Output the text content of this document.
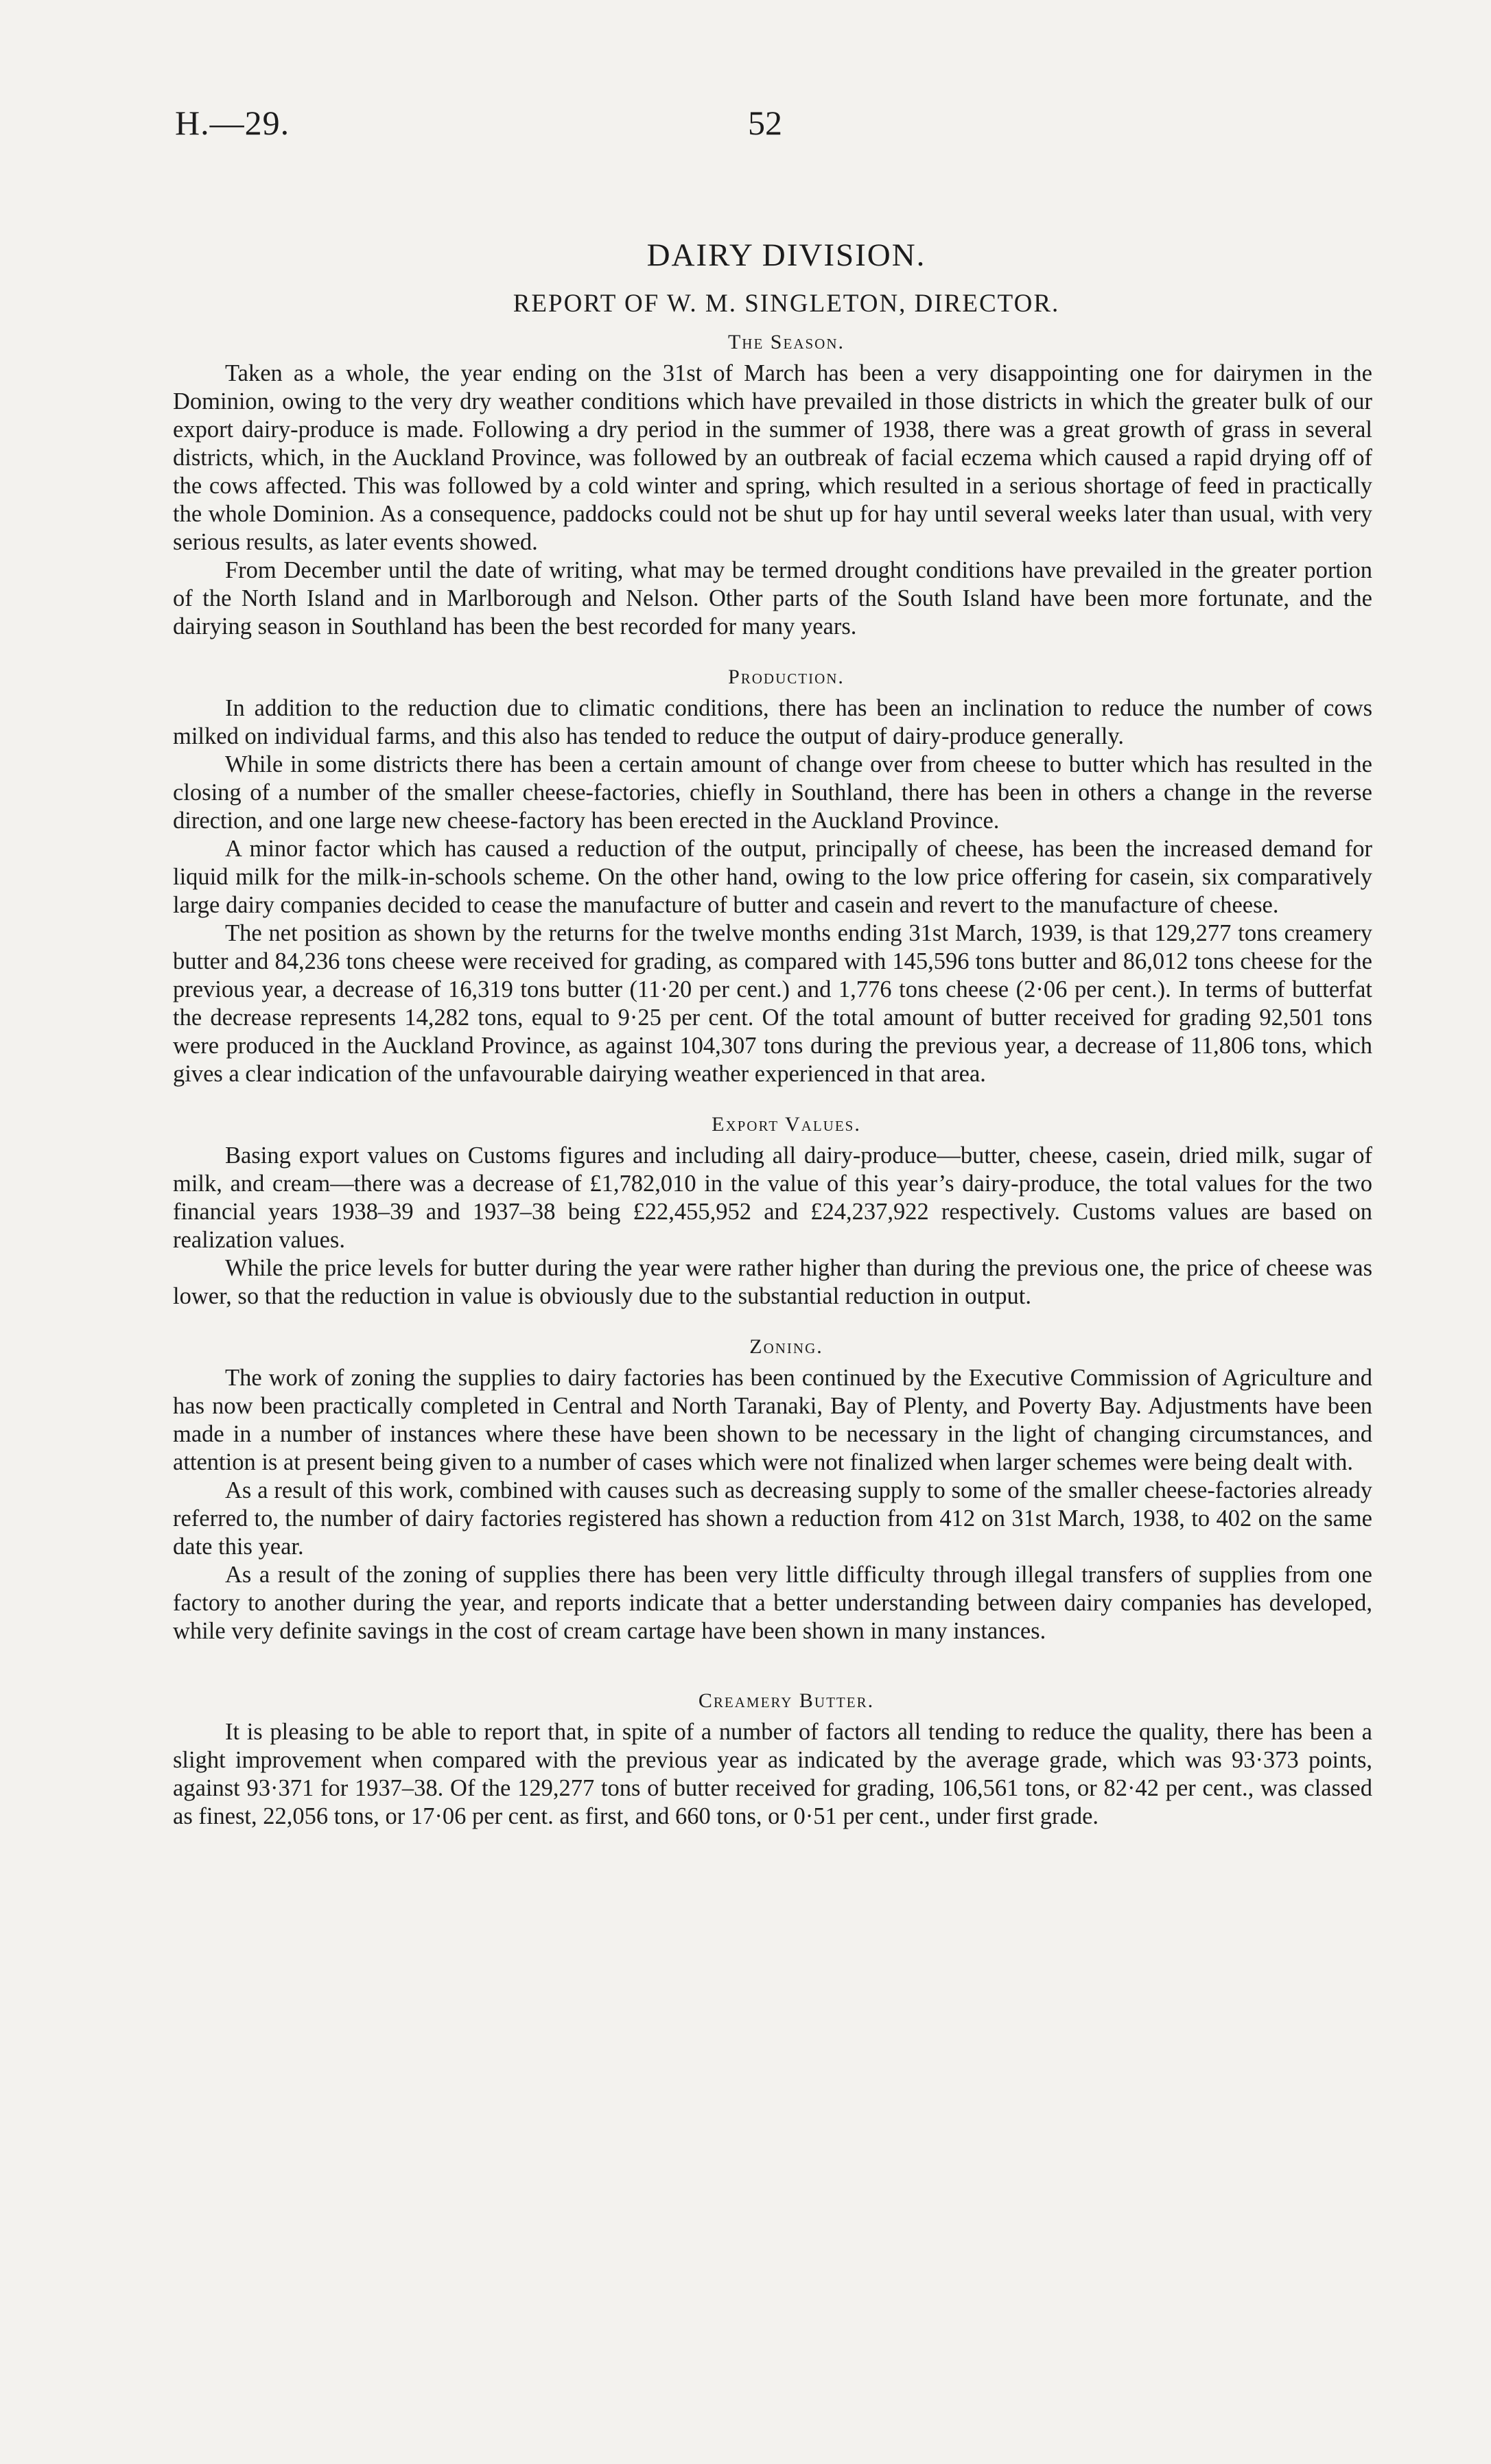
H.—29.	52
DAIRY DIVISION.
REPORT OF W. M. SINGLETON, DIRECTOR.
The Season.

Taken as a whole, the year ending on the 31st of March has been a very disappointing one for dairymen in the Dominion, owing to the very dry weather conditions which have prevailed in those districts in which the greater bulk of our export dairy-produce is made. Following a dry period in the summer of 1938, there was a great growth of grass in several districts, which, in the Auckland Province, was followed by an outbreak of facial eczema which caused a rapid drying off of the cows affected. This was followed by a cold winter and spring, which resulted in a serious shortage of feed in practically the whole Dominion. As a consequence, paddocks could not be shut up for hay until several weeks later than usual, with very serious results, as later events showed.

From December until the date of writing, what may be termed drought conditions have prevailed in the greater portion of the North Island and in Marlborough and Nelson. Other parts of the South Island have been more fortunate, and the dairying season in Southland has been the best recorded for many years.

Production.

In addition to the reduction due to climatic conditions, there has been an inclination to reduce the number of cows milked on individual farms, and this also has tended to reduce the output of dairy-produce generally.

While in some districts there has been a certain amount of change over from cheese to butter which has resulted in the closing of a number of the smaller cheese-factories, chiefly in Southland, there has been in others a change in the reverse direction, and one large new cheese-factory has been erected in the Auckland Province.

A minor factor which has caused a reduction of the output, principally of cheese, has been the increased demand for liquid milk for the milk-in-schools scheme. On the other hand, owing to the low price offering for casein, six comparatively large dairy companies decided to cease the manufacture of butter and casein and revert to the manufacture of cheese.

The net position as shown by the returns for the twelve months ending 31st March, 1939, is that 129,277 tons creamery butter and 84,236 tons cheese were received for grading, as compared with 145,596 tons butter and 86,012 tons cheese for the previous year, a decrease of 16,319 tons butter (11·20 per cent.) and 1,776 tons cheese (2·06 per cent.). In terms of butterfat the decrease represents 14,282 tons, equal to 9·25 per cent. Of the total amount of butter received for grading 92,501 tons were produced in the Auckland Province, as against 104,307 tons during the previous year, a decrease of 11,806 tons, which gives a clear indication of the unfavourable dairying weather experienced in that area.

Export Values.

Basing export values on Customs figures and including all dairy-produce—butter, cheese, casein, dried milk, sugar of milk, and cream—there was a decrease of £1,782,010 in the value of this year’s dairy-produce, the total values for the two financial years 1938–39 and 1937–38 being £22,455,952 and £24,237,922 respectively. Customs values are based on realization values.

While the price levels for butter during the year were rather higher than during the previous one, the price of cheese was lower, so that the reduction in value is obviously due to the substantial reduction in output.

Zoning.

The work of zoning the supplies to dairy factories has been continued by the Executive Commission of Agriculture and has now been practically completed in Central and North Taranaki, Bay of Plenty, and Poverty Bay. Adjustments have been made in a number of instances where these have been shown to be necessary in the light of changing circumstances, and attention is at present being given to a number of cases which were not finalized when larger schemes were being dealt with.

As a result of this work, combined with causes such as decreasing supply to some of the smaller cheese-factories already referred to, the number of dairy factories registered has shown a reduction from 412 on 31st March, 1938, to 402 on the same date this year.

As a result of the zoning of supplies there has been very little difficulty through illegal transfers of supplies from one factory to another during the year, and reports indicate that a better understanding between dairy companies has developed, while very definite savings in the cost of cream cartage have been shown in many instances.

Creamery Butter.

It is pleasing to be able to report that, in spite of a number of factors all tending to reduce the quality, there has been a slight improvement when compared with the previous year as indicated by the average grade, which was 93·373 points, against 93·371 for 1937–38. Of the 129,277 tons of butter received for grading, 106,561 tons, or 82·42 per cent., was classed as finest, 22,056 tons, or 17·06 per cent. as first, and 660 tons, or 0·51 per cent., under first grade.
